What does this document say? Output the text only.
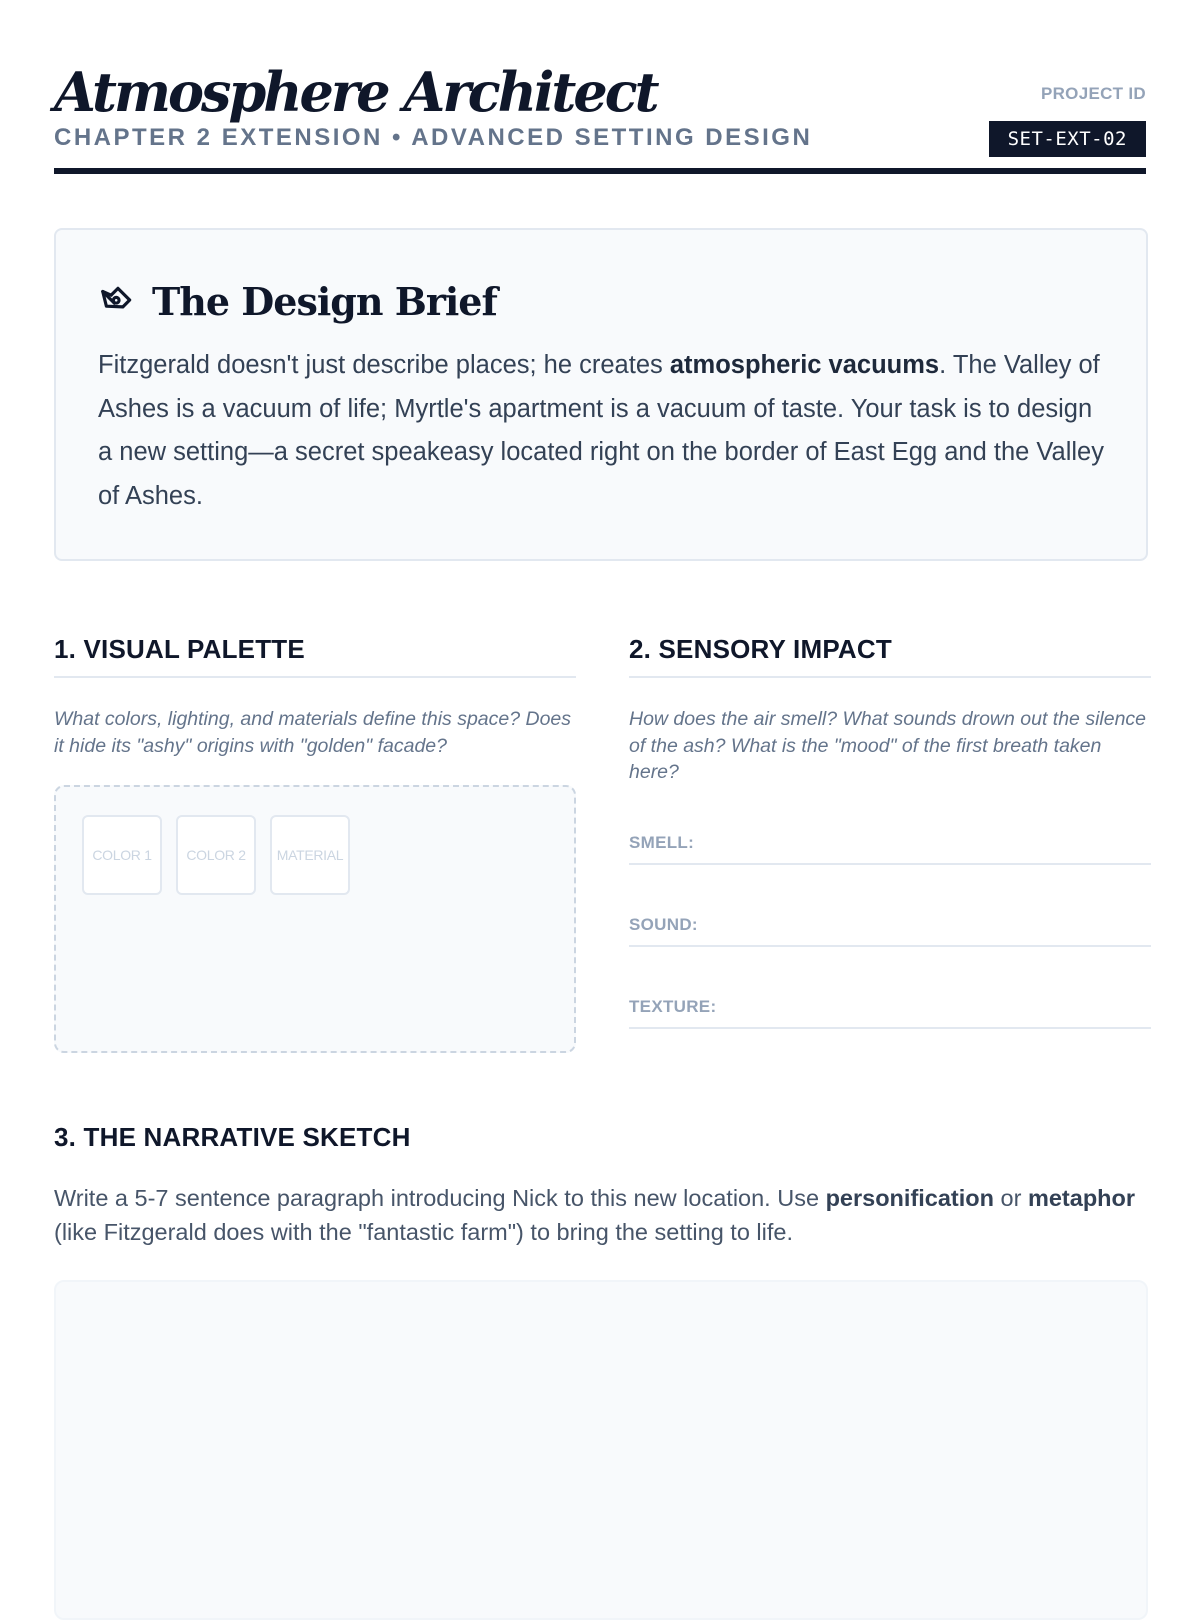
Atmosphere Architect
CHAPTER 2 EXTENSION • ADVANCED SETTING DESIGN
PROJECT ID
SET-EXT-02
The Design Brief

Fitzgerald doesn't just describe places; he creates atmospheric vacuums. The Valley of Ashes is a vacuum of life; Myrtle's apartment is a vacuum of taste. Your task is to design a new setting—a secret speakeasy located right on the border of East Egg and the Valley of Ashes.

1. VISUAL PALETTE

What colors, lighting, and materials define this space? Does it hide its "ashy" origins with "golden" facade?

COLOR 1	COLOR 2	MATERIAL
2. SENSORY IMPACT

How does the air smell? What sounds drown out the silence of the ash? What is the "mood" of the first breath taken here?

SMELL:
SOUND:
TEXTURE:
3. THE NARRATIVE SKETCH

Write a 5-7 sentence paragraph introducing Nick to this new location. Use personification or metaphor (like Fitzgerald does with the "fantastic farm") to bring the setting to life.
